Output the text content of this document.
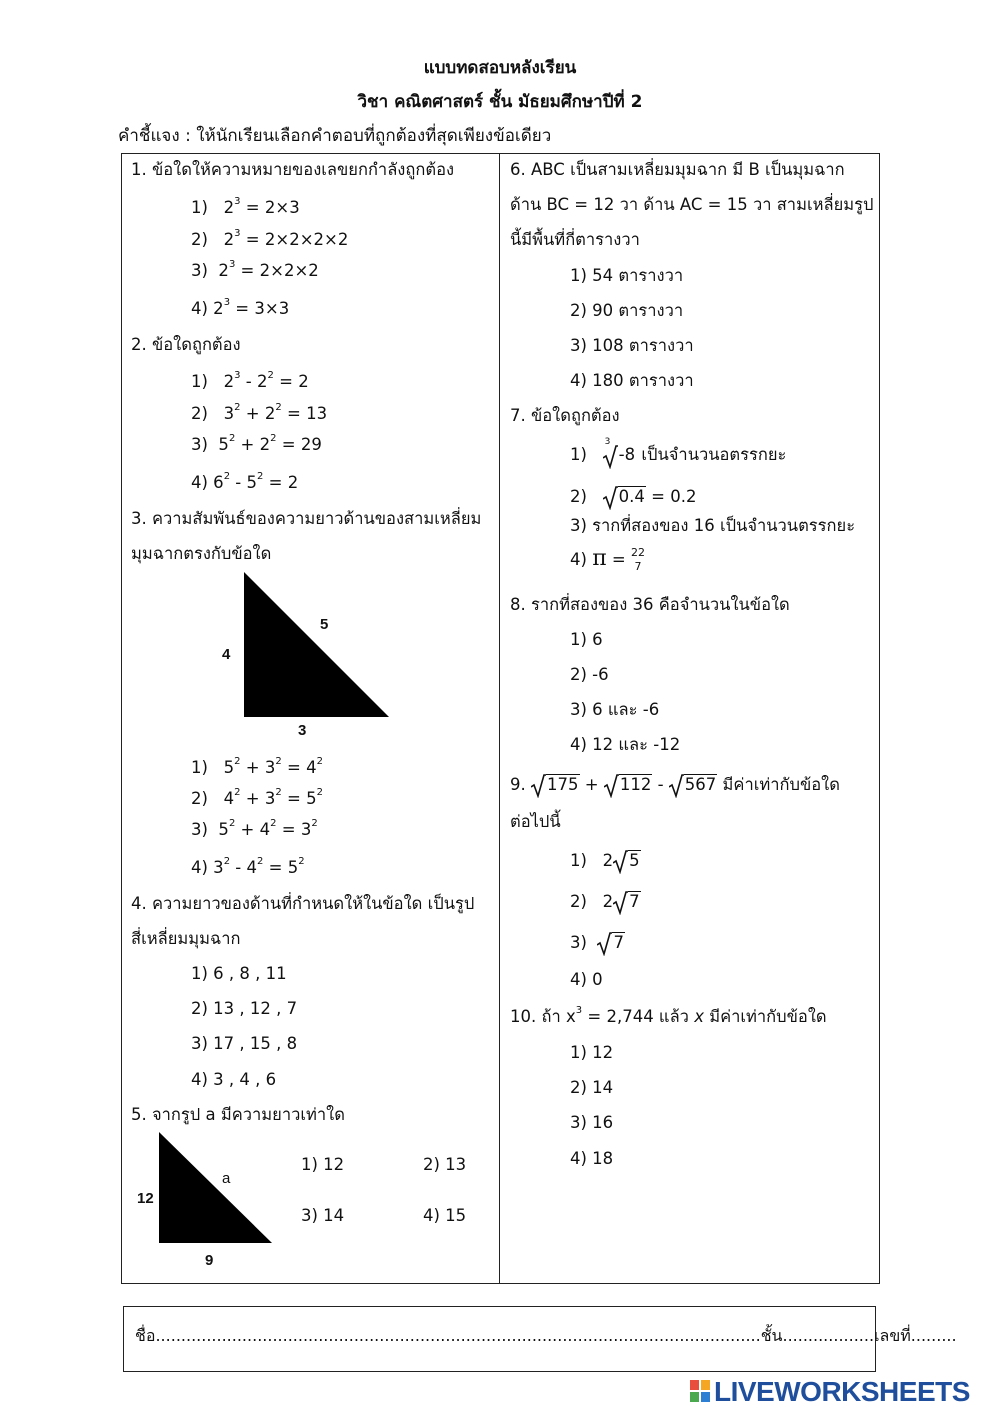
แบบทดสอบหลังเรียน
วิชา คณิตศาสตร์ ชั้น มัธยมศึกษาปีที่ 2
คำชี้แจง : ให้นักเรียนเลือกคำตอบที่ถูกต้องที่สุดเพียงข้อเดียว
1. ข้อใดให้ความหมายของเลขยกกำลังถูกต้อง
1)   $2^3 = 2\times 3$
2)   $2^3 = 2\times 2\times 2\times 2$
3)  $2^3 = 2\times 2\times 2$
4) $2^3 = 3\times 3$
2. ข้อใดถูกต้อง
1)   $2^3 - 2^2 = 2$
2)   $3^2 + 2^2 = 13$
3)  $5^2 + 2^2 = 29$
4) $6^2 - 5^2 = 2$
3. ความสัมพันธ์ของความยาวด้านของสามเหลี่ยม
มุมฉากตรงกับข้อใด
4
5
3
1)   $5^2 + 3^2 = 4^2$
2)   $4^2 + 3^2 = 5^2$
3)  $5^2 + 4^2 = 3^2$
4) $3^2 - 4^2 = 5^2$
4. ความยาวของด้านที่กำหนดให้ในข้อใด เป็นรูป
สี่เหลี่ยมมุมฉาก
1) 6 , 8 , 11
2) 13 , 12 , 7
3) 17 , 15 , 8
4) 3 , 4 , 6
5. จากรูป a มีความยาวเท่าใด
12
a
9
1) 12	2) 13
3) 14	4) 15
6. ABC เป็นสามเหลี่ยมมุมฉาก มี B เป็นมุมฉาก
ด้าน BC = 12 วา ด้าน AC = 15 วา สามเหลี่ยมรูป
นี้มีพื้นที่กี่ตารางวา
1) 54 ตารางวา
2) 90 ตารางวา
3) 108 ตารางวา
4) 180 ตารางวา
7. ข้อใดถูกต้อง
1)
3
-8 เป็นจำนวนอตรรกยะ
2)
0.4 = 0.2
3) รากที่สองของ 16 เป็นจำนวนตรรกยะ
4) π = 22
7
8. รากที่สองของ 36 คือจำนวนในข้อใด
1) 6
2) -6
3) 6 และ -6
4) 12 และ -12
9.
175 +
112 -
567 มีค่าเท่ากับข้อใด
ต่อไปนี้
1)   2 5
2)   2 7
3)
7
4) 0
10. ถ้า $x^3 = 2,744$ แล้ว x มีค่าเท่ากับข้อใด
1) 12
2) 14
3) 16
4) 18
ชื่อ.......................................................................................................................ชั้น..................เลขที่.........
LIVEWORKSHEETS
